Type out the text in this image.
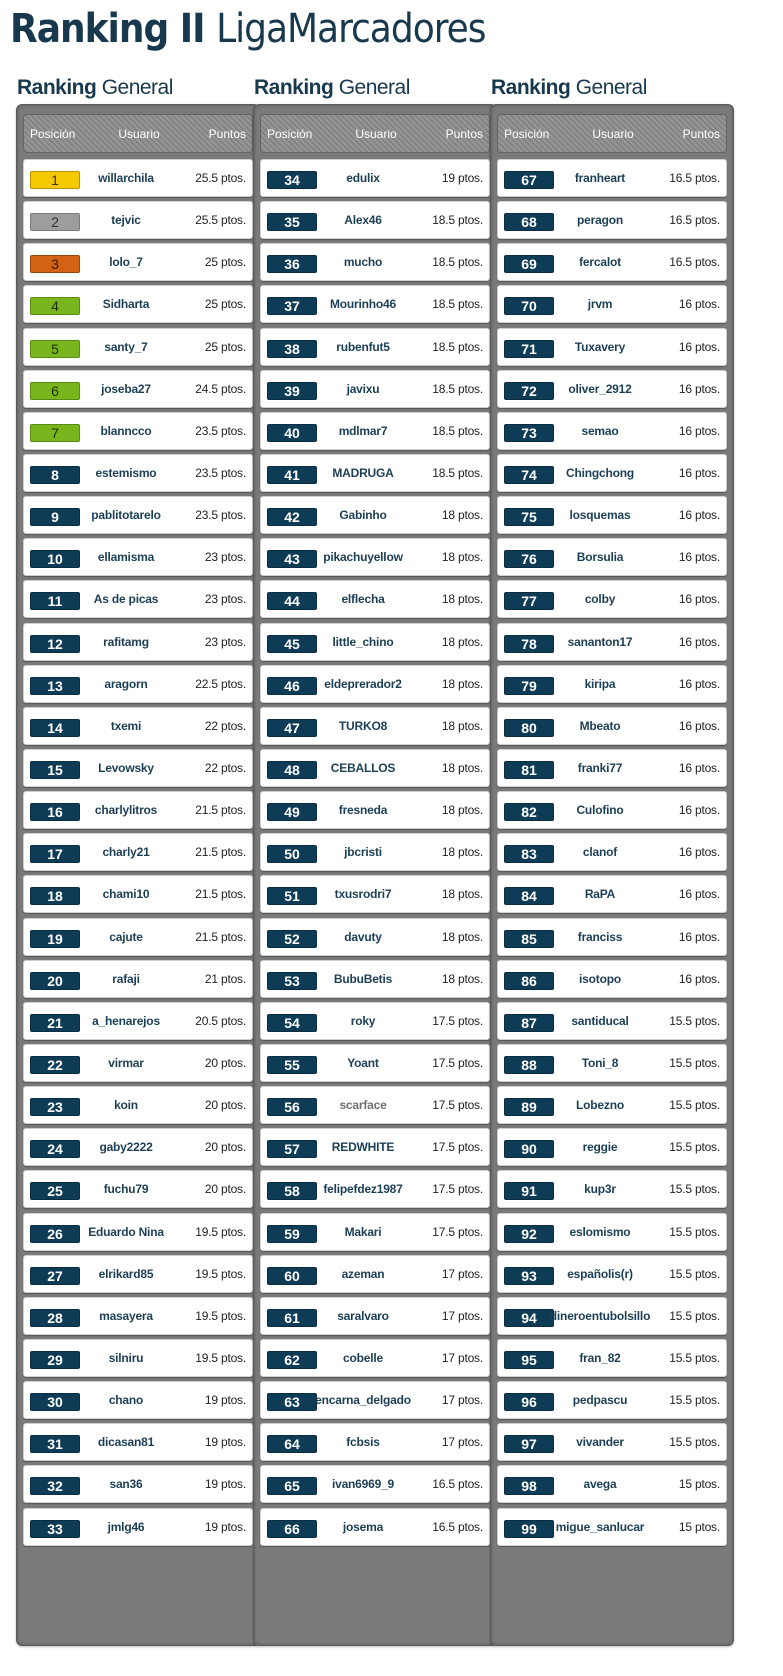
Ranking II LigaMarcadores
Ranking General
Usuario
Posición	Puntos
1	willarchila	25.5 ptos.
2	tejvic	25.5 ptos.
3	lolo_7	25 ptos.
4	Sidharta	25 ptos.
5	santy_7	25 ptos.
6	joseba27	24.5 ptos.
7	blanncco	23.5 ptos.
8	estemismo	23.5 ptos.
9	pablitotarelo	23.5 ptos.
10	ellamisma	23 ptos.
11	As de picas	23 ptos.
12	rafitamg	23 ptos.
13	aragorn	22.5 ptos.
14	txemi	22 ptos.
15	Levowsky	22 ptos.
16	charlylitros	21.5 ptos.
17	charly21	21.5 ptos.
18	chami10	21.5 ptos.
19	cajute	21.5 ptos.
20	rafaji	21 ptos.
21	a_henarejos	20.5 ptos.
22	virmar	20 ptos.
23	koin	20 ptos.
24	gaby2222	20 ptos.
25	fuchu79	20 ptos.
26	Eduardo Nina	19.5 ptos.
27	elrikard85	19.5 ptos.
28	masayera	19.5 ptos.
29	silniru	19.5 ptos.
30	chano	19 ptos.
31	dicasan81	19 ptos.
32	san36	19 ptos.
33	jmlg46	19 ptos.
Ranking General
Usuario
Posición	Puntos
34	edulix	19 ptos.
35	Alex46	18.5 ptos.
36	mucho	18.5 ptos.
37	Mourinho46	18.5 ptos.
38	rubenfut5	18.5 ptos.
39	javixu	18.5 ptos.
40	mdlmar7	18.5 ptos.
41	MADRUGA	18.5 ptos.
42	Gabinho	18 ptos.
43	pikachuyellow	18 ptos.
44	elflecha	18 ptos.
45	little_chino	18 ptos.
46	eldeprerador2	18 ptos.
47	TURKO8	18 ptos.
48	CEBALLOS	18 ptos.
49	fresneda	18 ptos.
50	jbcristi	18 ptos.
51	txusrodri7	18 ptos.
52	davuty	18 ptos.
53	BubuBetis	18 ptos.
54	roky	17.5 ptos.
55	Yoant	17.5 ptos.
56	scarface	17.5 ptos.
57	REDWHITE	17.5 ptos.
58	felipefdez1987	17.5 ptos.
59	Makari	17.5 ptos.
60	azeman	17 ptos.
61	saralvaro	17 ptos.
62	cobelle	17 ptos.
63	encarna_delgado	17 ptos.
64	fcbsis	17 ptos.
65	ivan6969_9	16.5 ptos.
66	josema	16.5 ptos.
Ranking General
Usuario
Posición	Puntos
67	franheart	16.5 ptos.
68	peragon	16.5 ptos.
69	fercalot	16.5 ptos.
70	jrvm	16 ptos.
71	Tuxavery	16 ptos.
72	oliver_2912	16 ptos.
73	semao	16 ptos.
74	Chingchong	16 ptos.
75	losquemas	16 ptos.
76	Borsulia	16 ptos.
77	colby	16 ptos.
78	sananton17	16 ptos.
79	kiripa	16 ptos.
80	Mbeato	16 ptos.
81	franki77	16 ptos.
82	Culofino	16 ptos.
83	clanof	16 ptos.
84	RaPA	16 ptos.
85	franciss	16 ptos.
86	isotopo	16 ptos.
87	santiducal	15.5 ptos.
88	Toni_8	15.5 ptos.
89	Lobezno	15.5 ptos.
90	reggie	15.5 ptos.
91	kup3r	15.5 ptos.
92	eslomismo	15.5 ptos.
93	españolis(r)	15.5 ptos.
94	dineroentubolsillo	15.5 ptos.
95	fran_82	15.5 ptos.
96	pedpascu	15.5 ptos.
97	vivander	15.5 ptos.
98	avega	15 ptos.
99	migue_sanlucar	15 ptos.
